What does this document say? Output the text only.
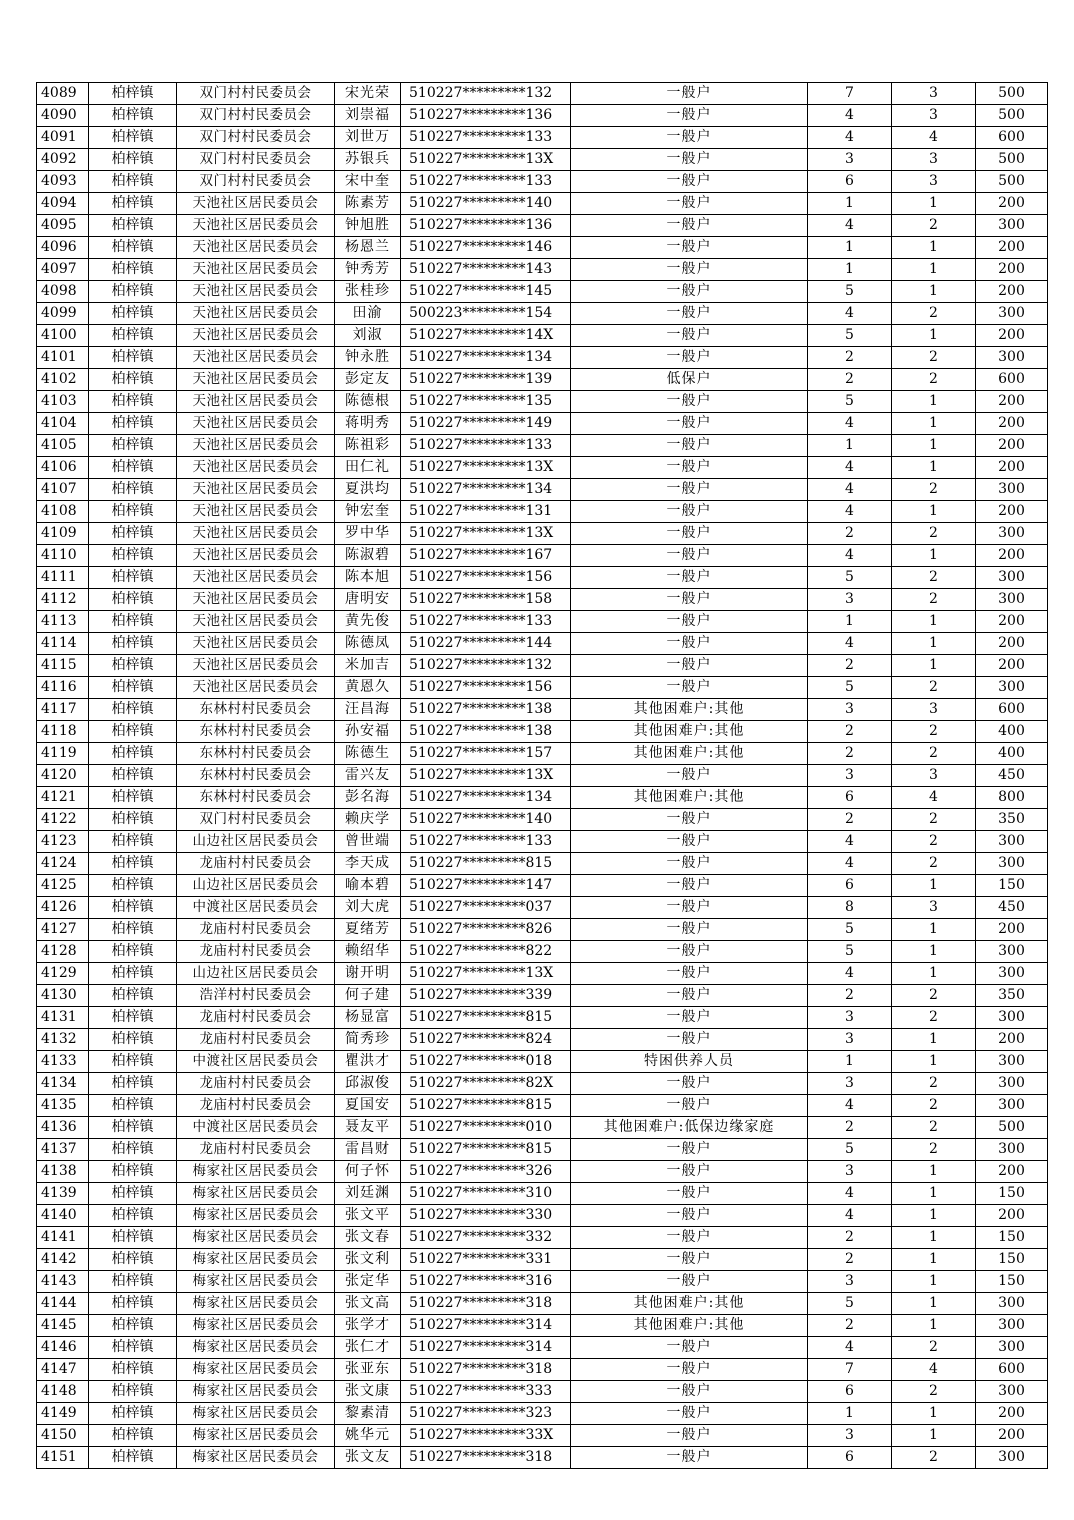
4089	柏梓镇	双门村村民委员会	宋光荣	510227*********132	一般户	7	3	500
4090	柏梓镇	双门村村民委员会	刘崇福	510227*********136	一般户	4	3	500
4091	柏梓镇	双门村村民委员会	刘世万	510227*********133	一般户	4	4	600
4092	柏梓镇	双门村村民委员会	苏银兵	510227*********13X	一般户	3	3	500
4093	柏梓镇	双门村村民委员会	宋中奎	510227*********133	一般户	6	3	500
4094	柏梓镇	天池社区居民委员会	陈素芳	510227*********140	一般户	1	1	200
4095	柏梓镇	天池社区居民委员会	钟旭胜	510227*********136	一般户	4	2	300
4096	柏梓镇	天池社区居民委员会	杨恩兰	510227*********146	一般户	1	1	200
4097	柏梓镇	天池社区居民委员会	钟秀芳	510227*********143	一般户	1	1	200
4098	柏梓镇	天池社区居民委员会	张桂珍	510227*********145	一般户	5	1	200
4099	柏梓镇	天池社区居民委员会	田渝	500223*********154	一般户	4	2	300
4100	柏梓镇	天池社区居民委员会	刘淑	510227*********14X	一般户	5	1	200
4101	柏梓镇	天池社区居民委员会	钟永胜	510227*********134	一般户	2	2	300
4102	柏梓镇	天池社区居民委员会	彭定友	510227*********139	低保户	2	2	600
4103	柏梓镇	天池社区居民委员会	陈德根	510227*********135	一般户	5	1	200
4104	柏梓镇	天池社区居民委员会	蒋明秀	510227*********149	一般户	4	1	200
4105	柏梓镇	天池社区居民委员会	陈祖彩	510227*********133	一般户	1	1	200
4106	柏梓镇	天池社区居民委员会	田仁礼	510227*********13X	一般户	4	1	200
4107	柏梓镇	天池社区居民委员会	夏洪均	510227*********134	一般户	4	2	300
4108	柏梓镇	天池社区居民委员会	钟宏奎	510227*********131	一般户	4	1	200
4109	柏梓镇	天池社区居民委员会	罗中华	510227*********13X	一般户	2	2	300
4110	柏梓镇	天池社区居民委员会	陈淑碧	510227*********167	一般户	4	1	200
4111	柏梓镇	天池社区居民委员会	陈本旭	510227*********156	一般户	5	2	300
4112	柏梓镇	天池社区居民委员会	唐明安	510227*********158	一般户	3	2	300
4113	柏梓镇	天池社区居民委员会	黄先俊	510227*********133	一般户	1	1	200
4114	柏梓镇	天池社区居民委员会	陈德凤	510227*********144	一般户	4	1	200
4115	柏梓镇	天池社区居民委员会	米加吉	510227*********132	一般户	2	1	200
4116	柏梓镇	天池社区居民委员会	黄恩久	510227*********156	一般户	5	2	300
4117	柏梓镇	东林村村民委员会	汪昌海	510227*********138	其他困难户:其他	3	3	600
4118	柏梓镇	东林村村民委员会	孙安福	510227*********138	其他困难户:其他	2	2	400
4119	柏梓镇	东林村村民委员会	陈德生	510227*********157	其他困难户:其他	2	2	400
4120	柏梓镇	东林村村民委员会	雷兴友	510227*********13X	一般户	3	3	450
4121	柏梓镇	东林村村民委员会	彭名海	510227*********134	其他困难户:其他	6	4	800
4122	柏梓镇	双门村村民委员会	赖庆学	510227*********140	一般户	2	2	350
4123	柏梓镇	山边社区居民委员会	曾世端	510227*********133	一般户	4	2	300
4124	柏梓镇	龙庙村村民委员会	李天成	510227*********815	一般户	4	2	300
4125	柏梓镇	山边社区居民委员会	喻本碧	510227*********147	一般户	6	1	150
4126	柏梓镇	中渡社区居民委员会	刘大虎	510227*********037	一般户	8	3	450
4127	柏梓镇	龙庙村村民委员会	夏绪芳	510227*********826	一般户	5	1	200
4128	柏梓镇	龙庙村村民委员会	赖绍华	510227*********822	一般户	5	1	300
4129	柏梓镇	山边社区居民委员会	谢开明	510227*********13X	一般户	4	1	300
4130	柏梓镇	浩洋村村民委员会	何子建	510227*********339	一般户	2	2	350
4131	柏梓镇	龙庙村村民委员会	杨显富	510227*********815	一般户	3	2	300
4132	柏梓镇	龙庙村村民委员会	简秀珍	510227*********824	一般户	3	1	200
4133	柏梓镇	中渡社区居民委员会	瞿洪才	510227*********018	特困供养人员	1	1	300
4134	柏梓镇	龙庙村村民委员会	邱淑俊	510227*********82X	一般户	3	2	300
4135	柏梓镇	龙庙村村民委员会	夏国安	510227*********815	一般户	4	2	300
4136	柏梓镇	中渡社区居民委员会	聂友平	510227*********010	其他困难户:低保边缘家庭	2	2	500
4137	柏梓镇	龙庙村村民委员会	雷昌财	510227*********815	一般户	5	2	300
4138	柏梓镇	梅家社区居民委员会	何子怀	510227*********326	一般户	3	1	200
4139	柏梓镇	梅家社区居民委员会	刘廷渊	510227*********310	一般户	4	1	150
4140	柏梓镇	梅家社区居民委员会	张文平	510227*********330	一般户	4	1	200
4141	柏梓镇	梅家社区居民委员会	张文春	510227*********332	一般户	2	1	150
4142	柏梓镇	梅家社区居民委员会	张文利	510227*********331	一般户	2	1	150
4143	柏梓镇	梅家社区居民委员会	张定华	510227*********316	一般户	3	1	150
4144	柏梓镇	梅家社区居民委员会	张文高	510227*********318	其他困难户:其他	5	1	300
4145	柏梓镇	梅家社区居民委员会	张学才	510227*********314	其他困难户:其他	2	1	300
4146	柏梓镇	梅家社区居民委员会	张仁才	510227*********314	一般户	4	2	300
4147	柏梓镇	梅家社区居民委员会	张亚东	510227*********318	一般户	7	4	600
4148	柏梓镇	梅家社区居民委员会	张文康	510227*********333	一般户	6	2	300
4149	柏梓镇	梅家社区居民委员会	黎素清	510227*********323	一般户	1	1	200
4150	柏梓镇	梅家社区居民委员会	姚华元	510227*********33X	一般户	3	1	200
4151	柏梓镇	梅家社区居民委员会	张文友	510227*********318	一般户	6	2	300
